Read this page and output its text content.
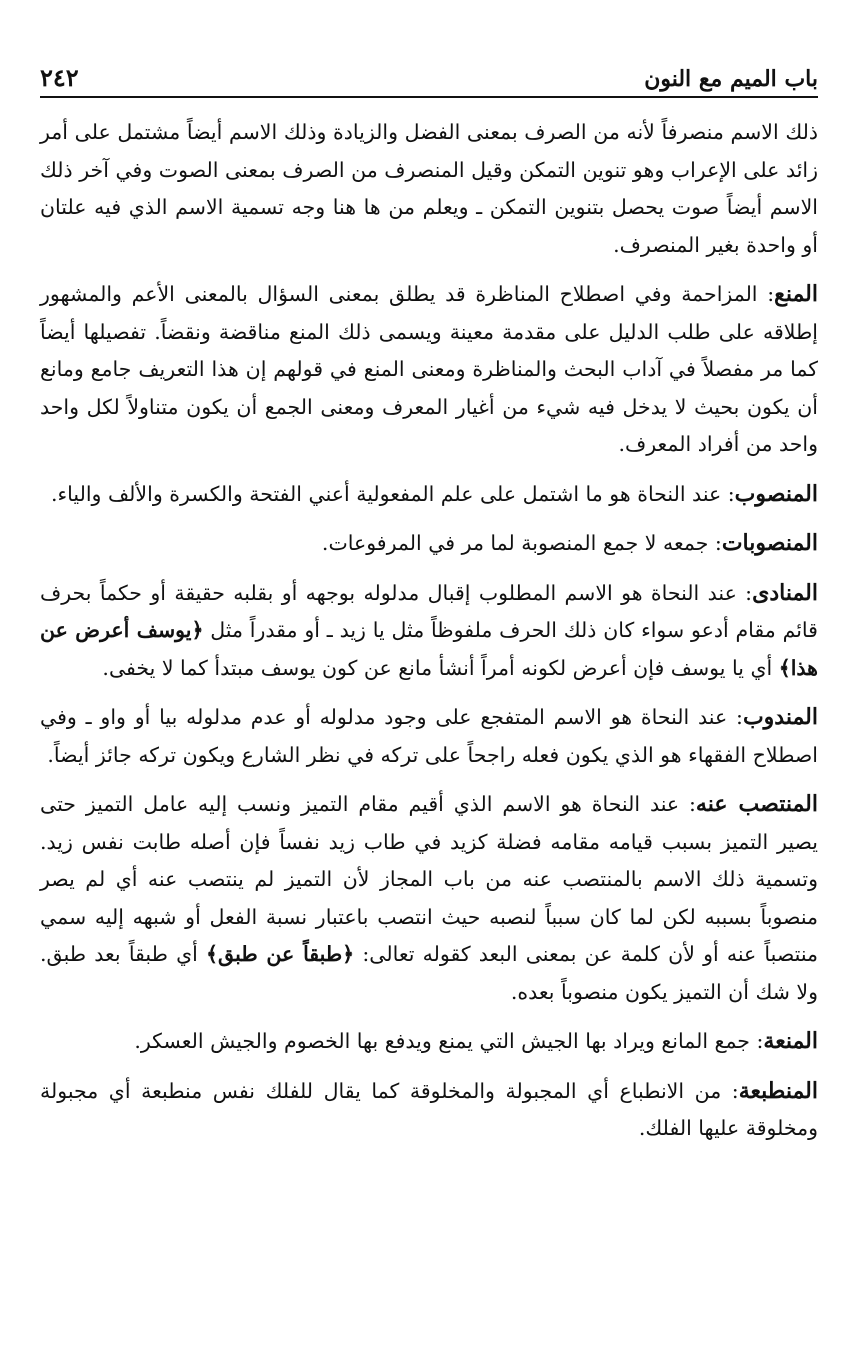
باب الميم مع النون
٢٤٢

ذلك الاسم منصرفاً لأنه من الصرف بمعنى الفضل والزيادة وذلك الاسم أيضاً مشتمل على أمر زائد على الإعراب وهو تنوين التمكن وقيل المنصرف من الصرف بمعنى الصوت وفي آخر ذلك الاسم أيضاً صوت يحصل بتنوين التمكن ـ ويعلم من ها هنا وجه تسمية الاسم الذي فيه علتان أو واحدة بغير المنصرف.

المنع: المزاحمة وفي اصطلاح المناظرة قد يطلق بمعنى السؤال بالمعنى الأعم والمشهور إطلاقه على طلب الدليل على مقدمة معينة ويسمى ذلك المنع مناقضة ونقضاً. تفصيلها أيضاً كما مر مفصلاً في آداب البحث والمناظرة ومعنى المنع في قولهم إن هذا التعريف جامع ومانع أن يكون بحيث لا يدخل فيه شيء من أغيار المعرف ومعنى الجمع أن يكون متناولاً لكل واحد واحد من أفراد المعرف.

المنصوب: عند النحاة هو ما اشتمل على علم المفعولية أعني الفتحة والكسرة والألف والياء.

المنصوبات: جمعه لا جمع المنصوبة لما مر في المرفوعات.

المنادى: عند النحاة هو الاسم المطلوب إقبال مدلوله بوجهه أو بقلبه حقيقة أو حكماً بحرف قائم مقام أدعو سواء كان ذلك الحرف ملفوظاً مثل يا زيد ـ أو مقدراً مثل ﴿يوسف أعرض عن هذا﴾ أي يا يوسف فإن أعرض لكونه أمراً أنشأ مانع عن كون يوسف مبتدأ كما لا يخفى.

المندوب: عند النحاة هو الاسم المتفجع على وجود مدلوله أو عدم مدلوله بيا أو واو ـ وفي اصطلاح الفقهاء هو الذي يكون فعله راجحاً على تركه في نظر الشارع ويكون تركه جائز أيضاً.

المنتصب عنه: عند النحاة هو الاسم الذي أقيم مقام التميز ونسب إليه عامل التميز حتى يصير التميز بسبب قيامه مقامه فضلة كزيد في طاب زيد نفساً فإن أصله طابت نفس زيد. وتسمية ذلك الاسم بالمنتصب عنه من باب المجاز لأن التميز لم ينتصب عنه أي لم يصر منصوباً بسببه لكن لما كان سبباً لنصبه حيث انتصب باعتبار نسبة الفعل أو شبهه إليه سمي منتصباً عنه أو لأن كلمة عن بمعنى البعد كقوله تعالى: ﴿طبقاً عن طبق﴾ أي طبقاً بعد طبق. ولا شك أن التميز يكون منصوباً بعده.

المنعة: جمع المانع ويراد بها الجيش التي يمنع ويدفع بها الخصوم والجيش العسكر.

المنطبعة: من الانطباع أي المجبولة والمخلوقة كما يقال للفلك نفس منطبعة أي مجبولة ومخلوقة عليها الفلك.
